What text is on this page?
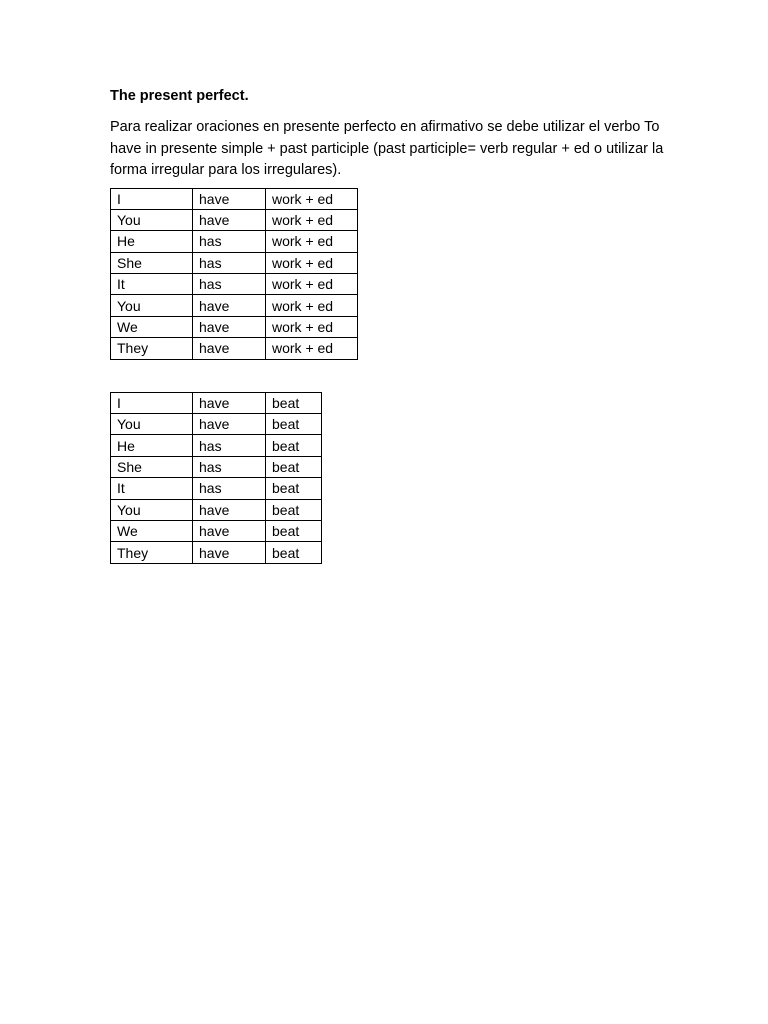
The present perfect.
Para realizar oraciones en presente perfecto en afirmativo se debe utilizar el verbo To have in presente simple + past participle (past participle= verb regular + ed o utilizar la forma irregular para los irregulares).
I	have	work + ed
You	have	work + ed
He	has	work + ed
She	has	work + ed
It	has	work + ed
You	have	work + ed
We	have	work + ed
They	have	work + ed
I	have	beat
You	have	beat
He	has	beat
She	has	beat
It	has	beat
You	have	beat
We	have	beat
They	have	beat
